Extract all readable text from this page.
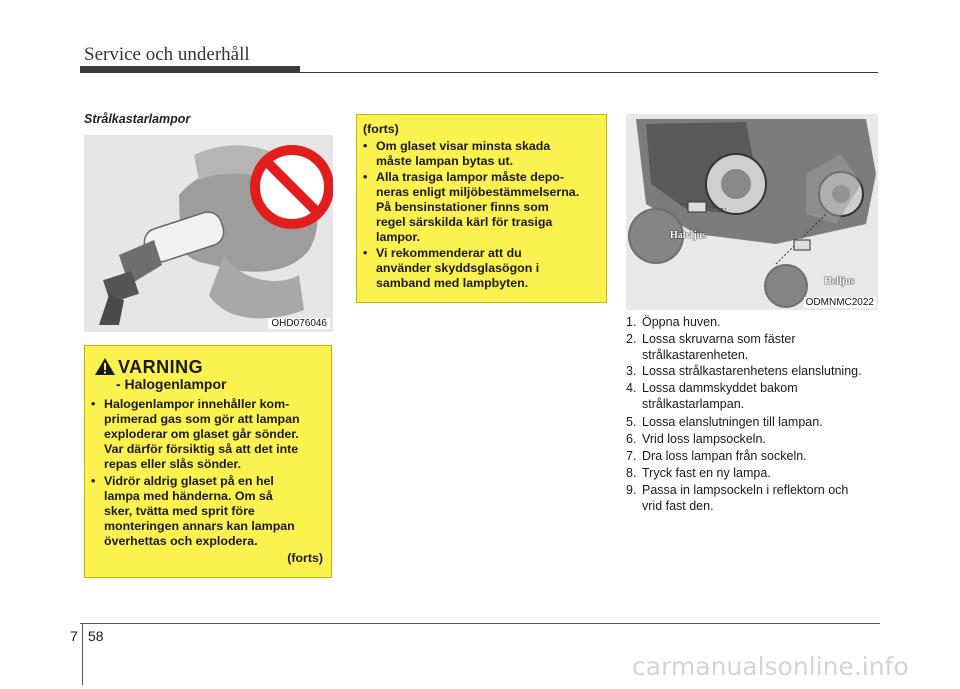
Service och underhåll
Strålkastarlampor
OHD076046
VARNING
- Halogenlampor
• Halogenlampor innehåller kom-
primerad gas som gör att lampan
exploderar om glaset går sönder.
Var därför försiktig så att det inte
repas eller slås sönder.
• Vidrör aldrig glaset på en hel
lampa med händerna. Om så
sker, tvätta med sprit före
monteringen annars kan lampan
överhettas och explodera.
(forts)
(forts)
• Om glaset visar minsta skada
måste lampan bytas ut.
• Alla trasiga lampor måste depo-
neras enligt miljöbestämmelserna.
På bensinstationer finns som
regel särskilda kärl för trasiga
lampor.
• Vi rekommenderar att du
använder skyddsglasögon i
samband med lampbyten.
Halvljus
Helljus
ODMNMC2022
1. Öppna huven.
2. Lossa skruvarna som fäster
strålkastarenheten.
3. Lossa strålkastarenhetens elanslutning.
4. Lossa dammskyddet bakom
strålkastarlampan.
5. Lossa elanslutningen till lampan.
6. Vrid loss lampsockeln.
7. Dra loss lampan från sockeln.
8. Tryck fast en ny lampa.
9. Passa in lampsockeln i reflektorn och
vrid fast den.
7 58
carmanualsonline.info
